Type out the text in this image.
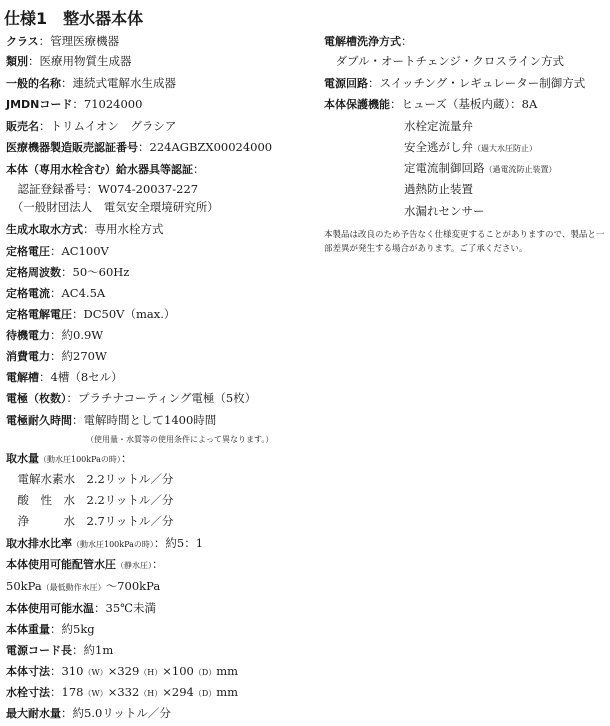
仕様1　整水器本体
クラス：管理医療機器
類別：医療用物質生成器
一般的名称：連続式電解水生成器
JMDNコード：71024000
販売名：トリムイオン　グラシア
医療機器製造販売認証番号：224AGBZX00024000
本体（専用水栓含む）給水器具等認証：
　認証登録番号：W074-20037-227
　（一般財団法人　電気安全環境研究所）
生成水取水方式：専用水栓方式
定格電圧：AC100V
定格周波数：50～60Hz
定格電流：AC4.5A
定格電解電圧：DC50V（max.）
待機電力：約0.9W
消費電力：約270W
電解槽：4槽（8セル）
電極（枚数）：プラチナコーティング電極（5枚）
電極耐久時間：電解時間として1400時間
（使用量・水質等の使用条件によって異なります。）
取水量（動水圧100kPaの時）：
　電解水素水　2.2リットル／分
　酸　性　水　2.2リットル／分
　浄　　　水　2.7リットル／分
取水排水比率（動水圧100kPaの時）：約5：1
本体使用可能配管水圧（静水圧）：
50kPa（最低動作水圧）～700kPa
本体使用可能水温：35℃未満
本体重量：約5kg
電源コード長：約1m
本体寸法：310（W）×329（H）×100（D）mm
水栓寸法：178（W）×332（H）×294（D）mm
最大耐水量：約5.0リットル／分
電解槽洗浄方式：
　ダブル・オートチェンジ・クロスライン方式
電源回路：スイッチング・レギュレーター制御方式
本体保護機能：ヒューズ（基板内蔵）：8A
水栓定流量弁
安全逃がし弁（過大水圧防止）
定電流制御回路（過電流防止装置）
過熱防止装置
水漏れセンサー
本製品は改良のため予告なく仕様変更することがありますので、製品と一部差異が発生する場合があります。ご了承ください。
